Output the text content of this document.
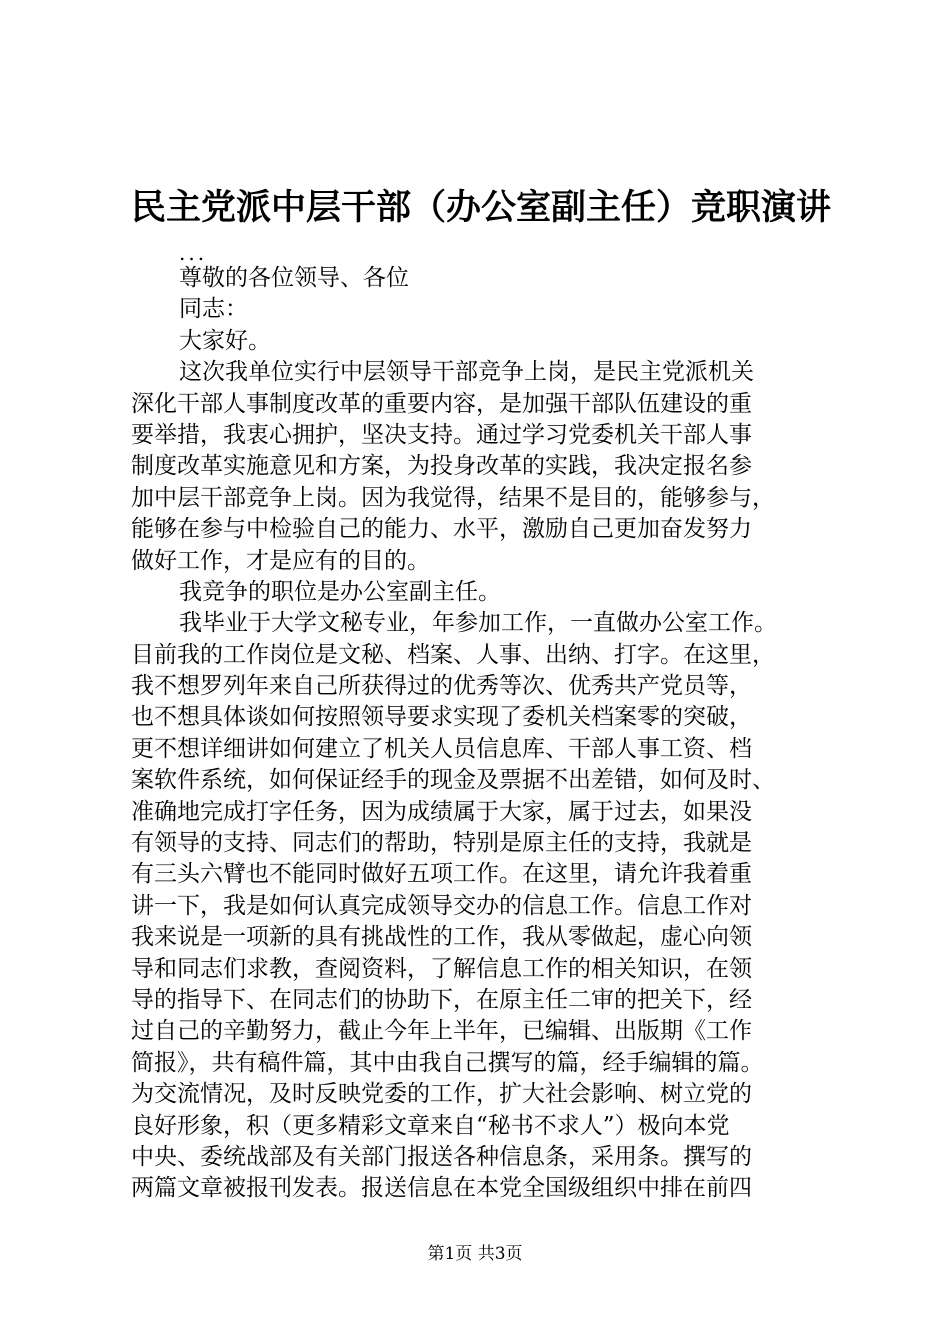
民主党派中层干部（办公室副主任）竞职演讲
...
尊敬的各位领导、各位
同志：
大家好。
这次我单位实行中层领导干部竞争上岗，是民主党派机关
深化干部人事制度改革的重要内容，是加强干部队伍建设的重
要举措，我衷心拥护，坚决支持。通过学习党委机关干部人事
制度改革实施意见和方案，为投身改革的实践，我决定报名参
加中层干部竞争上岗。因为我觉得，结果不是目的，能够参与，
能够在参与中检验自己的能力、水平，激励自己更加奋发努力
做好工作，才是应有的目的。
我竞争的职位是办公室副主任。
我毕业于大学文秘专业，年参加工作，一直做办公室工作。
目前我的工作岗位是文秘、档案、人事、出纳、打字。在这里，
我不想罗列年来自己所获得过的优秀等次、优秀共产党员等，
也不想具体谈如何按照领导要求实现了委机关档案零的突破，
更不想详细讲如何建立了机关人员信息库、干部人事工资、档
案软件系统，如何保证经手的现金及票据不出差错，如何及时、
准确地完成打字任务，因为成绩属于大家，属于过去，如果没
有领导的支持、同志们的帮助，特别是原主任的支持，我就是
有三头六臂也不能同时做好五项工作。在这里，请允许我着重
讲一下，我是如何认真完成领导交办的信息工作。信息工作对
我来说是一项新的具有挑战性的工作，我从零做起，虚心向领
导和同志们求教，查阅资料，了解信息工作的相关知识，在领
导的指导下、在同志们的协助下，在原主任二审的把关下，经
过自己的辛勤努力，截止今年上半年，已编辑、出版期《工作
简报》，共有稿件篇，其中由我自己撰写的篇，经手编辑的篇。
为交流情况，及时反映党委的工作，扩大社会影响、树立党的
良好形象，积（更多精彩文章来自“秘书不求人”）极向本党
中央、委统战部及有关部门报送各种信息条，采用条。撰写的
两篇文章被报刊发表。报送信息在本党全国级组织中排在前四
第1页 共3页
